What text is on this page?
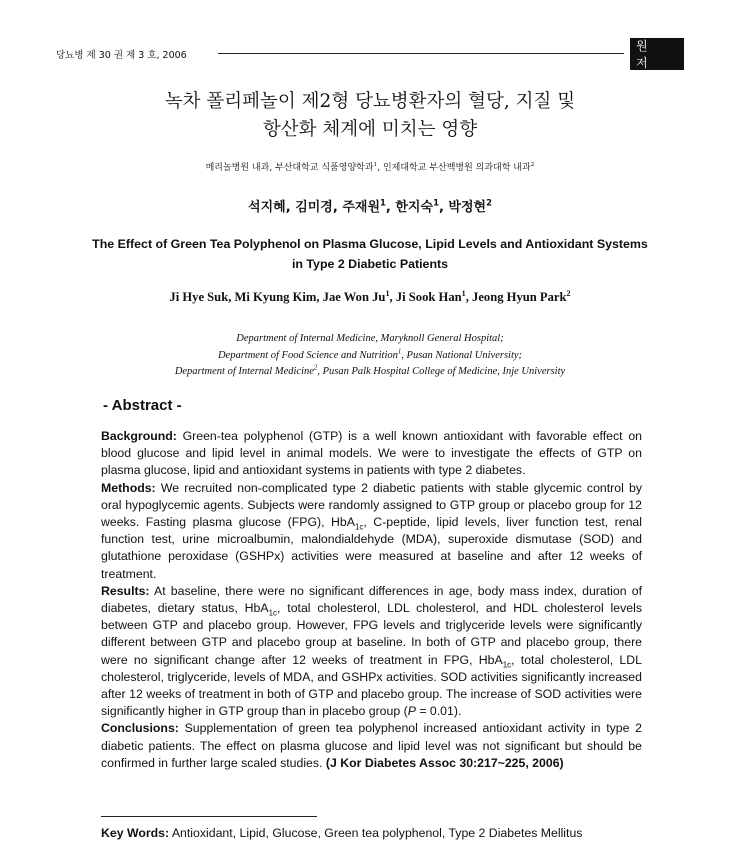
당뇨병 제 30 권 제 3 호, 2006
원 저
녹차 폴리페놀이 제2형 당뇨병환자의 혈당, 지질 및
항산화 체계에 미치는 영향
메리놀병원 내과, 부산대학교 식품영양학과$^1$, 인제대학교 부산백병원 의과대학 내과$^2$
석지혜, 김미경, 주재원$^1$, 한지숙$^1$, 박정현$^2$
The Effect of Green Tea Polyphenol on Plasma Glucose, Lipid Levels and Antioxidant Systems
in Type 2 Diabetic Patients
Ji Hye Suk, Mi Kyung Kim, Jae Won Ju$^1$, Ji Sook Han$^1$, Jeong Hyun Park$^2$
Department of Internal Medicine, Maryknoll General Hospital;
Department of Food Science and Nutrition$^1$, Pusan National University;
Department of Internal Medicine$^2$, Pusan Palk Hospital College of Medicine, Inje University
- Abstract -

Background: Green-tea polyphenol (GTP) is a well known antioxidant with favorable effect on blood glucose and lipid level in animal models. We were to investigate the effects of GTP on plasma glucose, lipid and antioxidant systems in patients with type 2 diabetes.

Methods: We recruited non-complicated type 2 diabetic patients with stable glycemic control by oral hypoglycemic agents. Subjects were randomly assigned to GTP group or placebo group for 12 weeks. Fasting plasma glucose (FPG), HbA$_{1c}$, C-peptide, lipid levels, liver function test, renal function test, urine microalbumin, malondialdehyde (MDA), superoxide dismutase (SOD) and glutathione peroxidase (GSHPx) activities were measured at baseline and after 12 weeks of treatment.

Results: At baseline, there were no significant differences in age, body mass index, duration of diabetes, dietary status, HbA$_{1c}$, total cholesterol, LDL cholesterol, and HDL cholesterol levels between GTP and placebo group. However, FPG levels and triglyceride levels were significantly different between GTP and placebo group at baseline. In both of GTP and placebo group, there were no significant change after 12 weeks of treatment in FPG, HbA$_{1c}$, total cholesterol, LDL cholesterol, triglyceride, levels of MDA, and GSHPx activities. SOD activities significantly increased after 12 weeks of treatment in both of GTP and placebo group. The increase of SOD activities were significantly higher in GTP group than in placebo group (P = 0.01).

Conclusions: Supplementation of green tea polyphenol increased antioxidant activity in type 2 diabetic patients. The effect on plasma glucose and lipid level was not significant but should be confirmed in further large scaled studies. (J Kor Diabetes Assoc 30:217~225, 2006)

Key Words: Antioxidant, Lipid, Glucose, Green tea polyphenol, Type 2 Diabetes Mellitus
